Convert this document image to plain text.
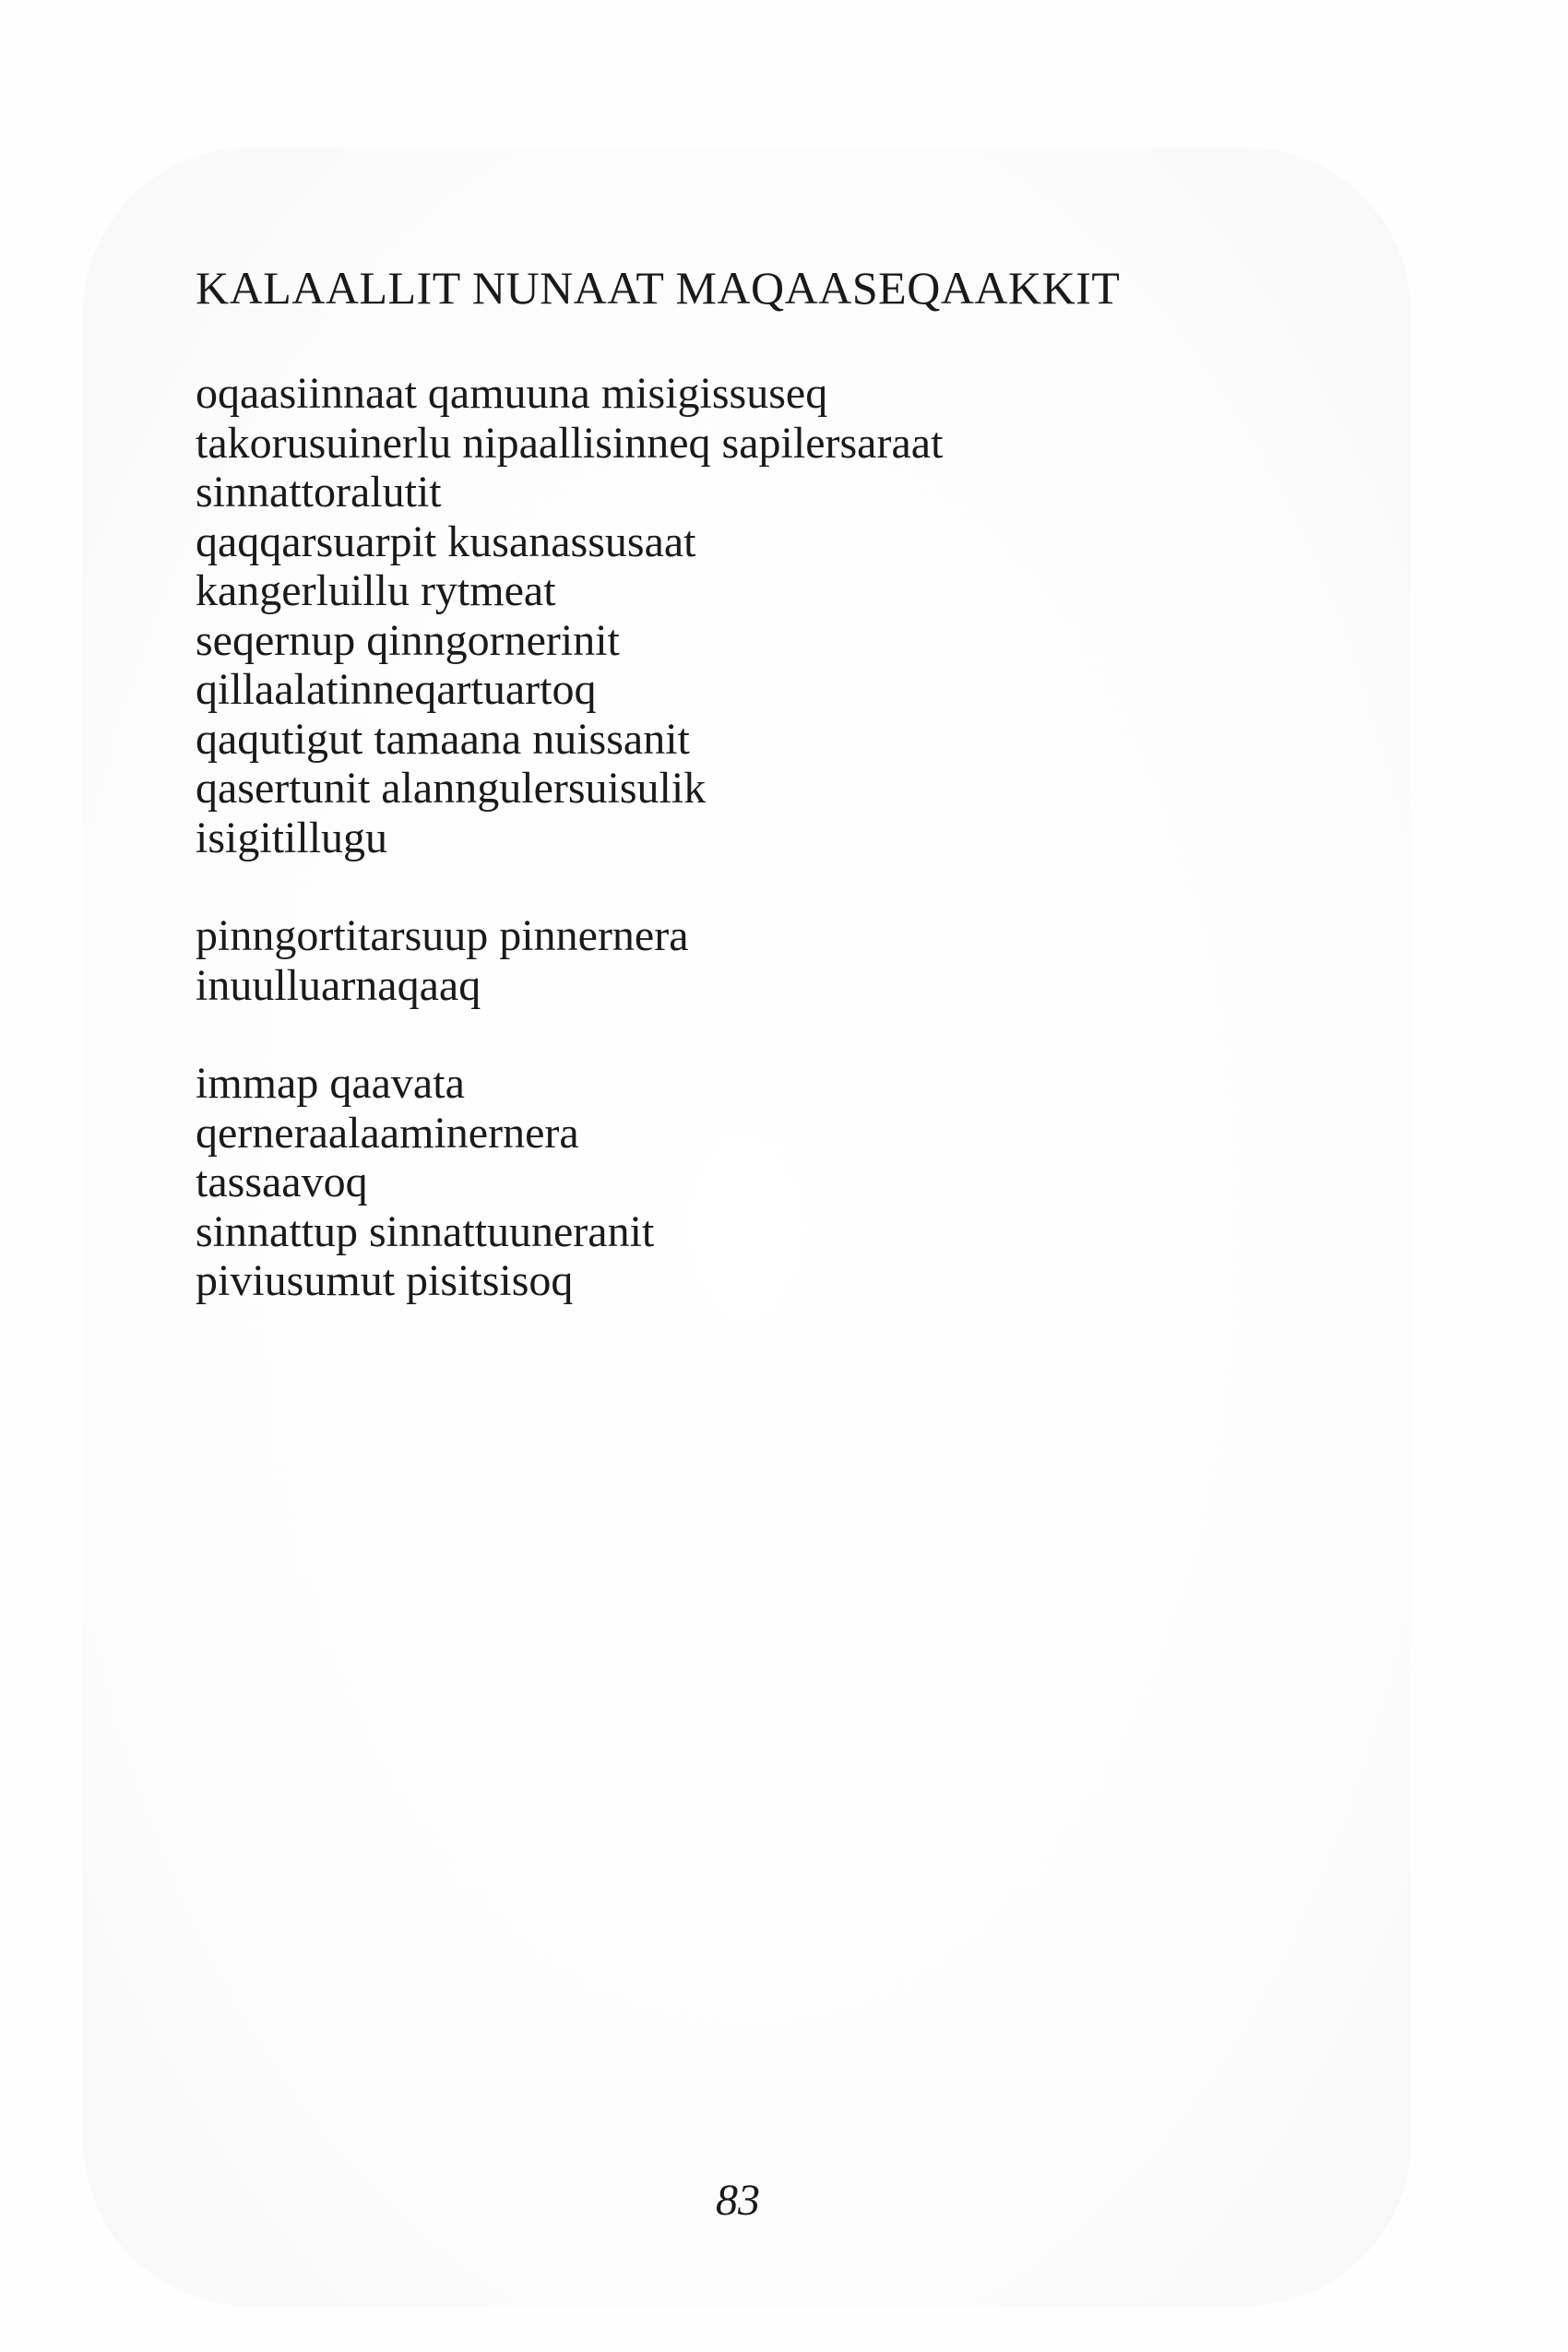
KALAALLIT NUNAAT MAQAASEQAAKKIT

oqaasiinnaat qamuuna misigissuseq
takorusuinerlu nipaallisinneq sapilersaraat
sinnattoralutit
qaqqarsuarpit kusanassusaat
kangerluillu rytmeat
seqernup qinngornerinit
qillaalatinneqartuartoq
qaqutigut tamaana nuissanit
qasertunit alanngulersuisulik
isigitillugu

pinngortitarsuup pinnernera
inuulluarnaqaaq

immap qaavata
qerneraalaaminernera
tassaavoq
sinnattup sinnattuuneranit
piviusumut pisitsisoq

83
